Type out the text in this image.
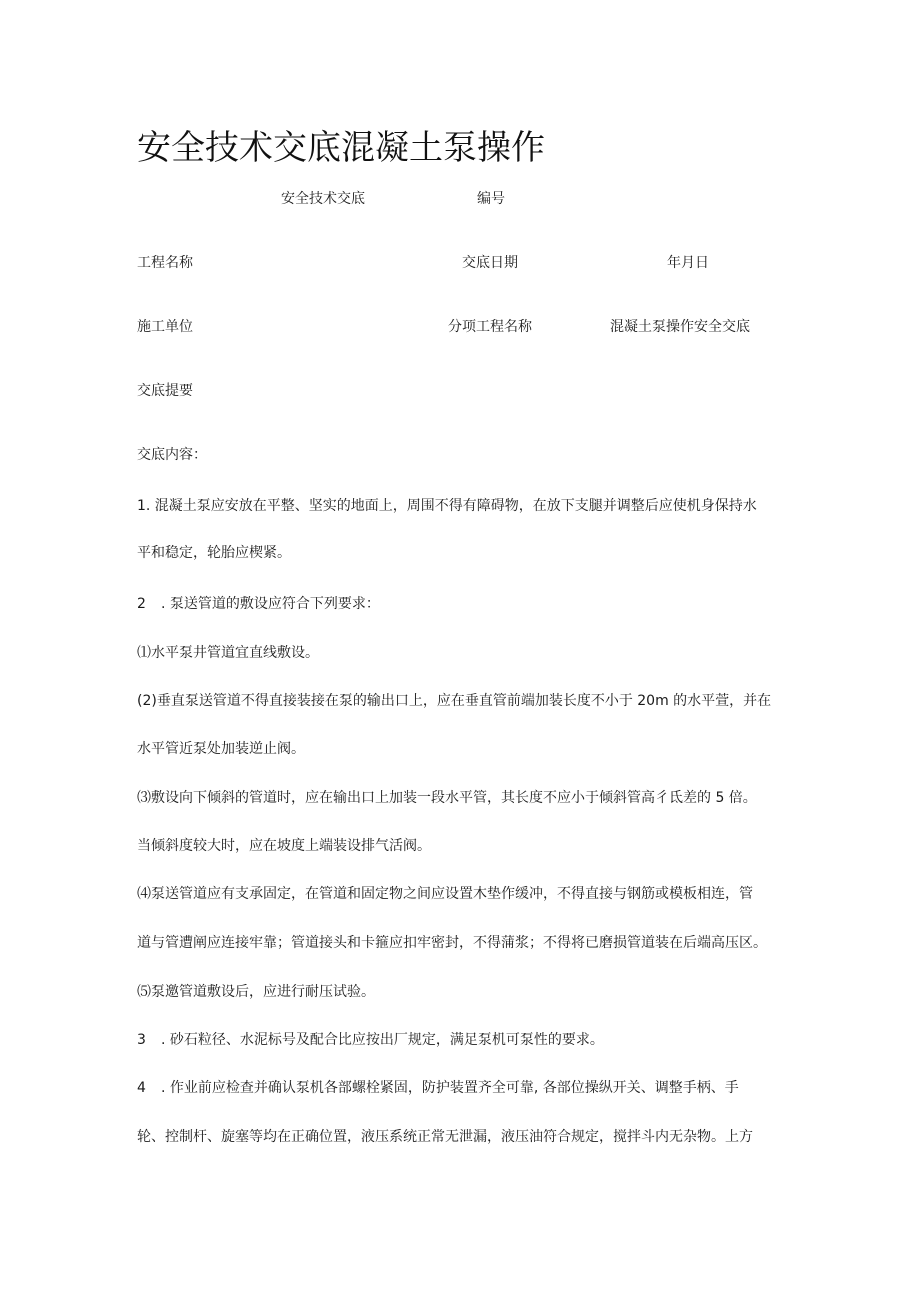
安全技术交底混凝土泵操作
安全技术交底	编号
工程名称	交底日期	年月日
施工单位	分项工程名称	混凝土泵操作安全交底
交底提要
交底内容：
1. 混凝土泵应安放在平整、坚实的地面上，周围不得有障碍物，在放下支腿并调整后应使机身保持水
平和稳定，轮胎应楔紧。
2 . 泵送管道的敷设应符合下列要求：
⑴水平泵井管道宜直线敷设。
(2)垂直泵送管道不得直接装接在泵的输出口上，应在垂直管前端加装长度不小于 20m 的水平萱，并在
水平管近泵处加装逆止阀。
⑶敷设向下倾斜的管道时，应在输出口上加装一段水平管，其长度不应小于倾斜管高彳氐差的 5 倍。
当倾斜度较大时，应在坡度上端装设排气活阀。
⑷泵送管道应有支承固定，在管道和固定物之间应设置木垫作缓冲，不得直接与钢筋或模板相连，管
道与管遭阐应连接牢靠；管道接头和卡箍应扣牢密封，不得蒲浆；不得将已磨损管道装在后端高压区。
⑸泵邀管道敷设后，应进行耐压试验。
3 . 砂石粒径、水泥标号及配合比应按出厂规定，满足泵机可泵性的要求。
4 . 作业前应检查并确认泵机各部螺栓紧固，防护装置齐全可靠, 各部位操纵开关、调整手柄、手
轮、控制杆、旋塞等均在正确位置，液压系统正常无泄漏，液压油符合规定，搅拌斗内无杂物。上方
